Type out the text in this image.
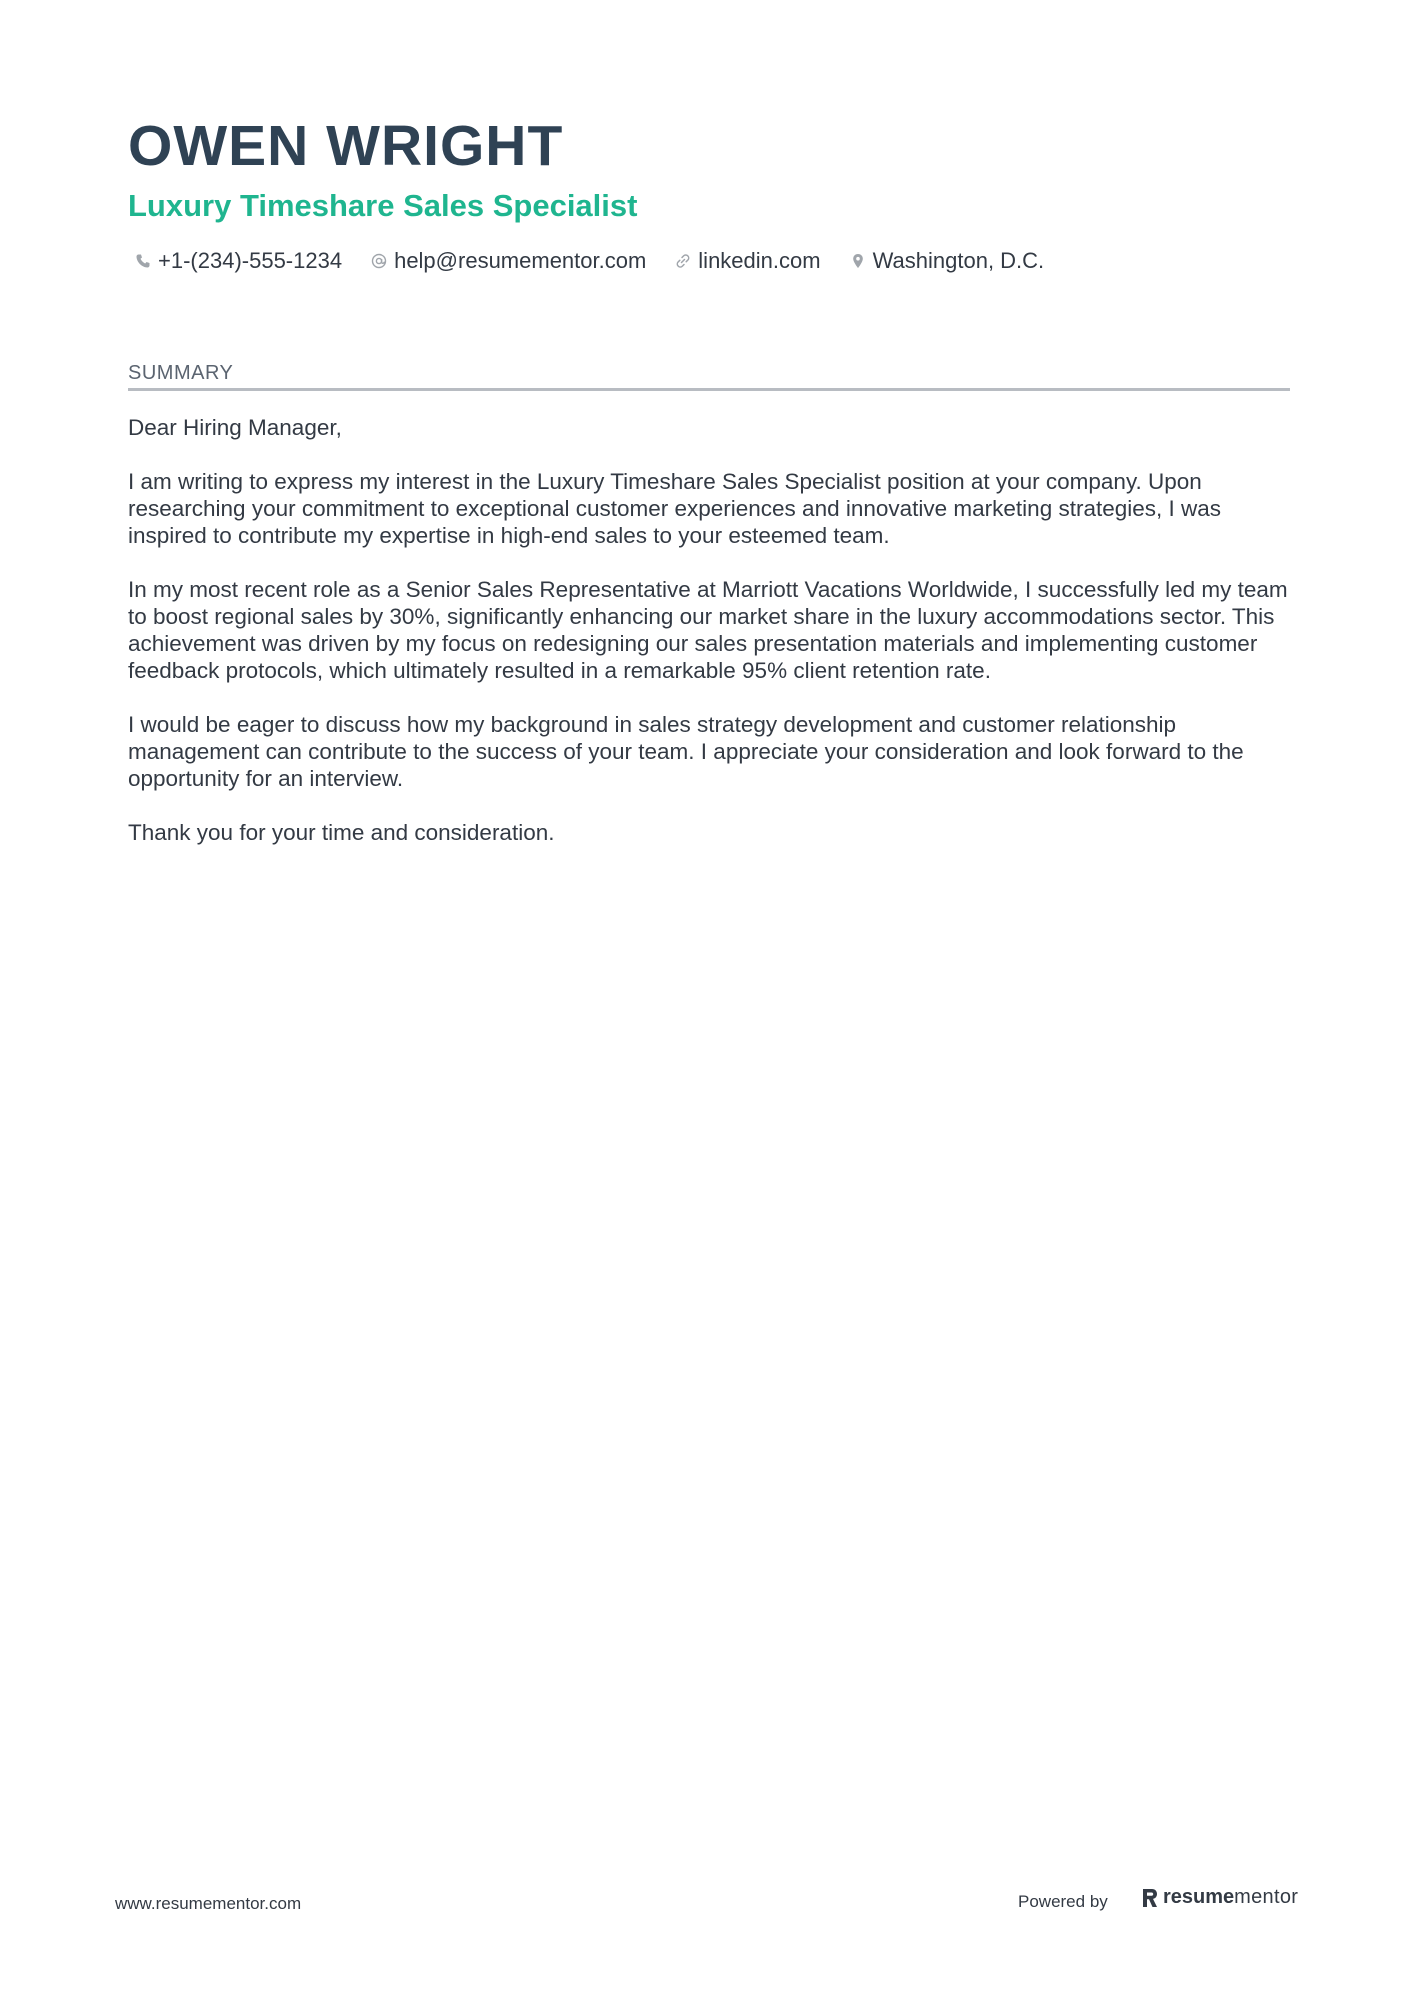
OWEN WRIGHT
Luxury Timeshare Sales Specialist
+1-(234)-555-1234 help@resumementor.com linkedin.com Washington, D.C.
SUMMARY

Dear Hiring Manager,

I am writing to express my interest in the Luxury Timeshare Sales Specialist position at your company. Upon researching your commitment to exceptional customer experiences and innovative marketing strategies, I was inspired to contribute my expertise in high-end sales to your esteemed team.

In my most recent role as a Senior Sales Representative at Marriott Vacations Worldwide, I successfully led my team to boost regional sales by 30%, significantly enhancing our market share in the luxury accommodations sector. This achievement was driven by my focus on redesigning our sales presentation materials and implementing customer feedback protocols, which ultimately resulted in a remarkable 95% client retention rate.

I would be eager to discuss how my background in sales strategy development and customer relationship management can contribute to the success of your team. I appreciate your consideration and look forward to the opportunity for an interview.

Thank you for your time and consideration.

www.resumementor.com	Powered by	resume mentor
